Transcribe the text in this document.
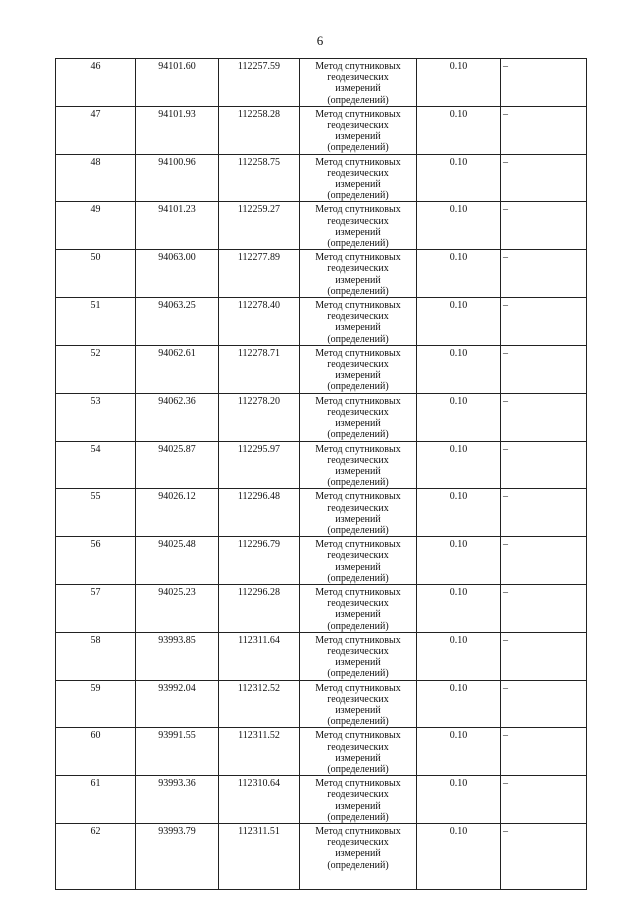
6
46	94101.60	112257.59	Метод спутниковых
геодезических
измерений
(определений)	0.10	–
47	94101.93	112258.28	Метод спутниковых
геодезических
измерений
(определений)	0.10	–
48	94100.96	112258.75	Метод спутниковых
геодезических
измерений
(определений)	0.10	–
49	94101.23	112259.27	Метод спутниковых
геодезических
измерений
(определений)	0.10	–
50	94063.00	112277.89	Метод спутниковых
геодезических
измерений
(определений)	0.10	–
51	94063.25	112278.40	Метод спутниковых
геодезических
измерений
(определений)	0.10	–
52	94062.61	112278.71	Метод спутниковых
геодезических
измерений
(определений)	0.10	–
53	94062.36	112278.20	Метод спутниковых
геодезических
измерений
(определений)	0.10	–
54	94025.87	112295.97	Метод спутниковых
геодезических
измерений
(определений)	0.10	–
55	94026.12	112296.48	Метод спутниковых
геодезических
измерений
(определений)	0.10	–
56	94025.48	112296.79	Метод спутниковых
геодезических
измерений
(определений)	0.10	–
57	94025.23	112296.28	Метод спутниковых
геодезических
измерений
(определений)	0.10	–
58	93993.85	112311.64	Метод спутниковых
геодезических
измерений
(определений)	0.10	–
59	93992.04	112312.52	Метод спутниковых
геодезических
измерений
(определений)	0.10	–
60	93991.55	112311.52	Метод спутниковых
геодезических
измерений
(определений)	0.10	–
61	93993.36	112310.64	Метод спутниковых
геодезических
измерений
(определений)	0.10	–
62	93993.79	112311.51	Метод спутниковых
геодезических
измерений
(определений)	0.10	–
